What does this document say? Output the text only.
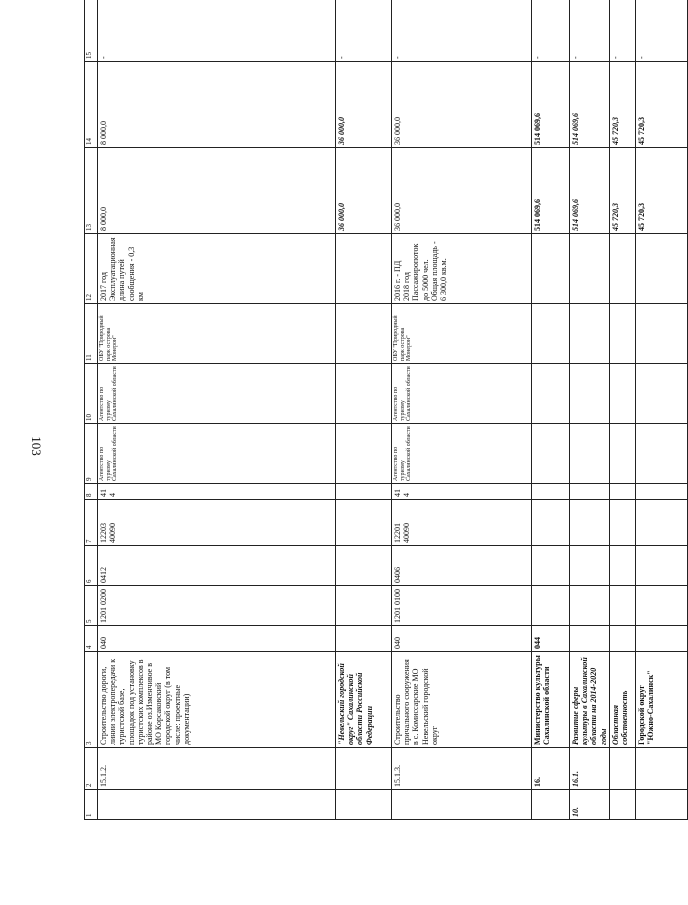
103
1	2	3	4	5	6	7	8	9	10	11	12	13	14	15
	15.1.2.	Строительство дороги, линии электропередачи к туристской базе, площадок под установку туристских комплексов в районе оз.Изменчивое в МО Корсаковский городской округ (в том числе: проектные документации)	040	1201 0200	0412	12203 40090	414	Агентство по туризму Сахалинской области	Агентство по туризму Сахалинской области	ОБУ "Природный парк острова Монерон"	2017 год Эксплуатационная длина путей сообщения - 0,3 км	8 000,0	8 000,0	-
		"Невельский городской округ" Сахалинской области Российской Федерации										36 000,0	36 000,0	-
	15.1.3.	Строительство причального сооружения в с. Комиссарские МО Невельский городской округ	040	1201 0100	0406	12201 40090	414	Агентство по туризму Сахалинской области	Агентство по туризму Сахалинской области	ОБУ "Природный парк острова Монерон"	2016 г. - ПД 2018 год Пассажиропоток до 5000 чел. Общая площадь - 6 300,0 кв.м.	36 000,0	36 000,0	-
	16.	Министерство культуры Сахалинской области	044									514 069,6	514 069,6	-
10.	16.1.	Развитие сферы культуры в Сахалинской области на 2014-2020 годы										514 069,6	514 069,6	-
		Областная собственность										45 720,3	45 720,3	-
		Городской округ "Южно-Сахалинск"										45 720,3	45 720,3	-
